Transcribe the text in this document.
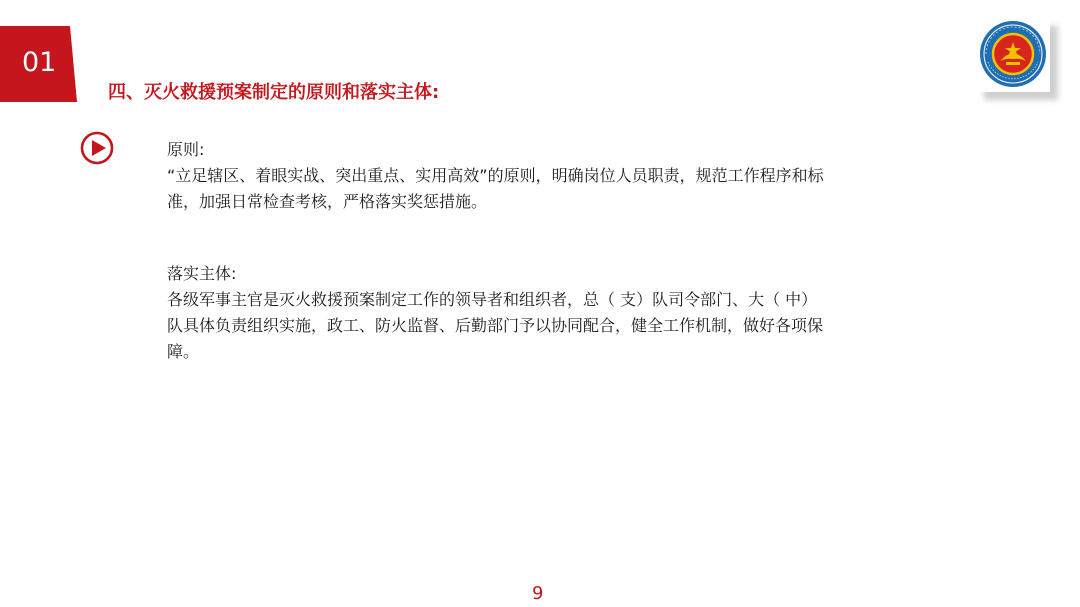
01
四、灭火救援预案制定的原则和落实主体:
原则:
“立足辖区、着眼实战、突出重点、实用高效”的原则，明确岗位人员职责，规范工作程序和标准，加强日常检查考核，严格落实奖惩措施。
落实主体:
各级军事主官是灭火救援预案制定工作的领导者和组织者，总（ 支）队司令部门、大（ 中）队具体负责组织实施，政工、防火监督、后勤部门予以协同配合，健全工作机制，做好各项保障。
9
